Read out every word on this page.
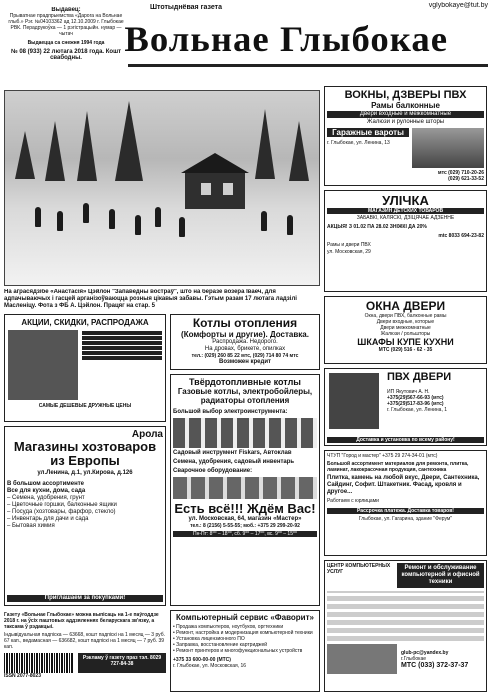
Выдавец:
Прыватнае прадпрыемства «Дарога на Вольнае глыб.» Рэг. №04103362 ад 12.10.2009 г. Глыбокае РВК. Перадрукоўка — 1 рэгістрацыйн. нумар — чытач
Выдаецца са снежня 1994 года
№ 08 (933) 22 лютага 2018 года. Кошт свабодны.
Штотыднёвая газета	vglybokaye@tut.by
Вольнае Глыбокае
На аграсядзібе «Анастасія» Цэйлон "Запаведны востраў", што на беразе возера Іваеч, для адпачываючых і гасцей арганізоўваюцца розныя цікавыя забавы. Гэтым разам 17 лютага ладзілі Масленіцу. Фота з ФБ А. Цэйлон. Працяг на стар. 5
ВОКНЫ, ДЗВЕРЫ ПВХ
Рамы балконные
Двери входные и межкомнатные
Жалюзи и рулонные шторы
Гаражные вароты
г. Глыбокае, ул. Ленина, 13
мтс (029) 710-20-26
(029) 621-33-52
УЛІЧКА
МАГАЗИН ДЕТСКИХ ТОВАРОВ
ЗАБАВКІ, КАЛЯСКІ, ДЗІЦЯЧАЕ АДЗЕННЕ
АКЦЫЯ! З 01.02 ПА 28.02 ЗНІЖКІ ДА 20%
mtc 8033 694-23-82
Рамы и двери ПВХ
ул. Московская, 29
ОКНА ДВЕРИ
Окна, двери ПВХ, балконные рамы
Двери входные, которые
Двери межкомнатные
Жалюзи / рольшторы
ШКАФЫ КУПЕ КУХНИ
МТС (029) 516 - 62 - 35
АКЦИИ, СКИДКИ, РАСПРОДАЖА
САМЫЕ ДЕШЕВЫЕ ДРУЖНЫЕ ЦЕНЫ
Котлы отопления
(Комфорты и другие). Доставка.
Распродажа. Недорого.
На дровах, брикете, опилках
тел.: (029) 260 85 22 мтс, (029) 714 80 74 мтс
Возможен кредит
ПВХ ДВЕРИ
ИП Якутович А. Н.
+375(29)567-66-93 (мтс)
+375(29)517-83-96 (мтс)
г. Глыбокае, ул. Ленина, 1
Доставка и установка по всему району!
Арола
Магазины хозтоваров из Европы
ул.Ленина, д.1, ул.Кирова, д.126
В большом ассортименте
Все для кухни, дома, сада
– Семена, удобрения, грунт
– Цветочные горшки, балконные ящики
– Посуда (хозтовары, фарфор, стекло)
– Инвентарь для дачи и сада
– Бытовая химия
Приглашаем за покупками!
Твёрдотопливные котлы
Газовые котлы, электробойлеры, радиаторы отопления
Большой выбор электроинструмента:
Садовый инструмент Fiskars, Автоклав
Семена, удобрения, садовый инвентарь
Сварочное оборудование:
Есть всё!!! Ждём Вас!
ул. Московская, 64, магазин «Мастер»
тел.: 8 (2156) 5-55-55; моб.: +375 29 299-20-92
Пн-Пт: 8⁰⁰ – 18⁰⁰, сб. 9⁰⁰ – 17⁰⁰, вс. 9⁰⁰ – 15⁰⁰
ЧТУП "Город и мастер" +375 29 274-34-01 (мтс)
Большой ассортимент материалов для ремонта, плитка, ламинат, лакокрасочная продукция, сантехника
Плитка, камень на любой вкус, Двери, Сантехника, Сайдинг, Софит. Штакетник. Фасад, кровля и другое...
Работаем с юрлицами
Расcрочка платежа. Доставка товаров!
Глыбокае, ул. Гагарина, здание "Ферум"
Газету «Вольнае Глыбокае» можна выпісаць на 1-е паўгоддзе 2018 г. на ўсіх паштовых аддзяленнях беларускага зв'язку, а таксама ў рэдакцыі.
Індывідуальная падпіска — 63668, кошт падпіскі на 1 месяц — 3 руб. 67 кап., ведамасная — 636682, кошт падпіскі на 1 месяц — 7 руб. 39 кап.
Рэкламу ў газету праз тэл. 8029 727-84-38
ISSN 2077-8023
Компьютерный сервис «Фаворит»
• Продажа компьютеров, ноутбуков, оргтехники
• Ремонт, настройка и модернизация компьютерной техники
• Установка лицензионного ПО
• Заправка, восстановление картриджей
• Ремонт принтеров и многофункциональных устройств
+375 33 600-00-00 (МТС)
г. Глыбокае, ул. Московская, 16
ЦЕНТР КОМПЬЮТЕРНЫХ УСЛУГ
Ремонт и обслуживание компьютерной и офисной техники
glub-pc@yandex.by
г.Глыбокае
МТС (033) 372-37-37
